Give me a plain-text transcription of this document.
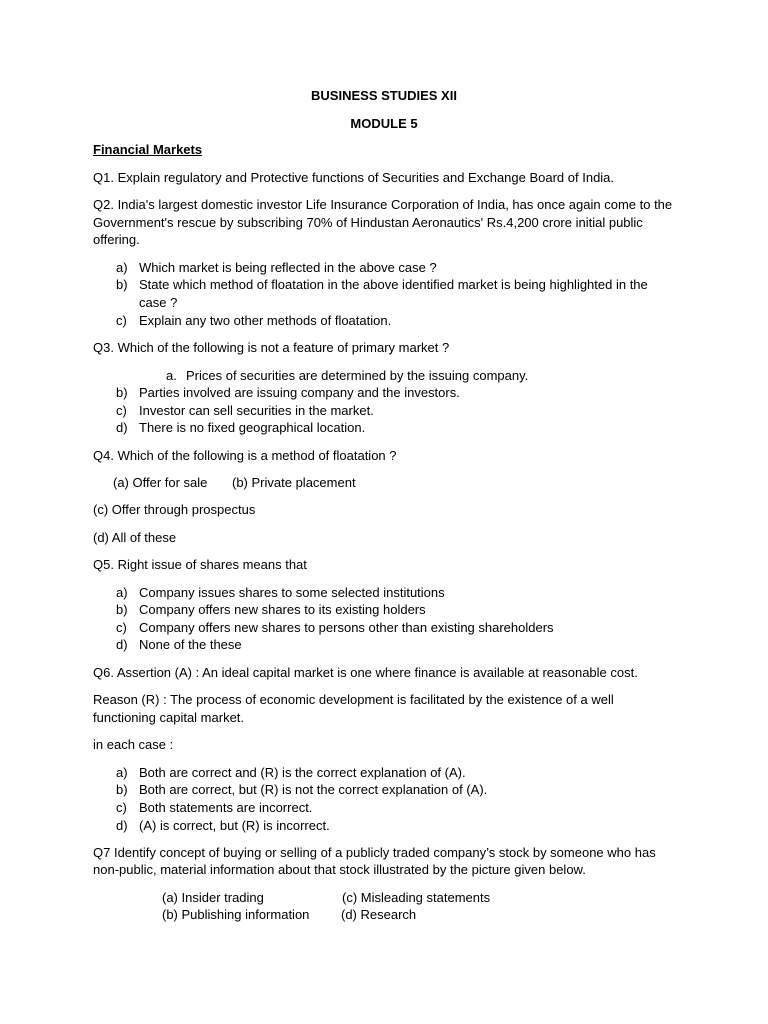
BUSINESS STUDIES XII
MODULE 5
Financial Markets
Q1. Explain regulatory and Protective functions of Securities and Exchange Board of India.
Q2. India's largest domestic investor Life Insurance Corporation of India, has once again come to the
Government's rescue by subscribing 70% of Hindustan Aeronautics' Rs.4,200 crore initial public
offering.
a) Which market is being reflected in the above case ?
b) State which method of floatation in the above identified market is being highlighted in the
case ?
c) Explain any two other methods of floatation.
Q3. Which of the following is not a feature of primary market ?
a. Prices of securities are determined by the issuing company.
b) Parties involved are issuing company and the investors.
c) Investor can sell securities in the market.
d) There is no fixed geographical location.
Q4. Which of the following is a method of floatation ?
(a) Offer for sale (b) Private placement
(c) Offer through prospectus
(d) All of these
Q5. Right issue of shares means that
a) Company issues shares to some selected institutions
b) Company offers new shares to its existing holders
c) Company offers new shares to persons other than existing shareholders
d) None of the these
Q6. Assertion (A) : An ideal capital market is one where finance is available at reasonable cost.
Reason (R) : The process of economic development is facilitated by the existence of a well
functioning capital market.
in each case :
a) Both are correct and (R) is the correct explanation of (A).
b) Both are correct, but (R) is not the correct explanation of (A).
c) Both statements are incorrect.
d) (A) is correct, but (R) is incorrect.
Q7 Identify concept of buying or selling of a publicly traded company’s stock by someone who has
non-public, material information about that stock illustrated by the picture given below.
(a) Insider trading	(c) Misleading statements
(b) Publishing information (d) Research
